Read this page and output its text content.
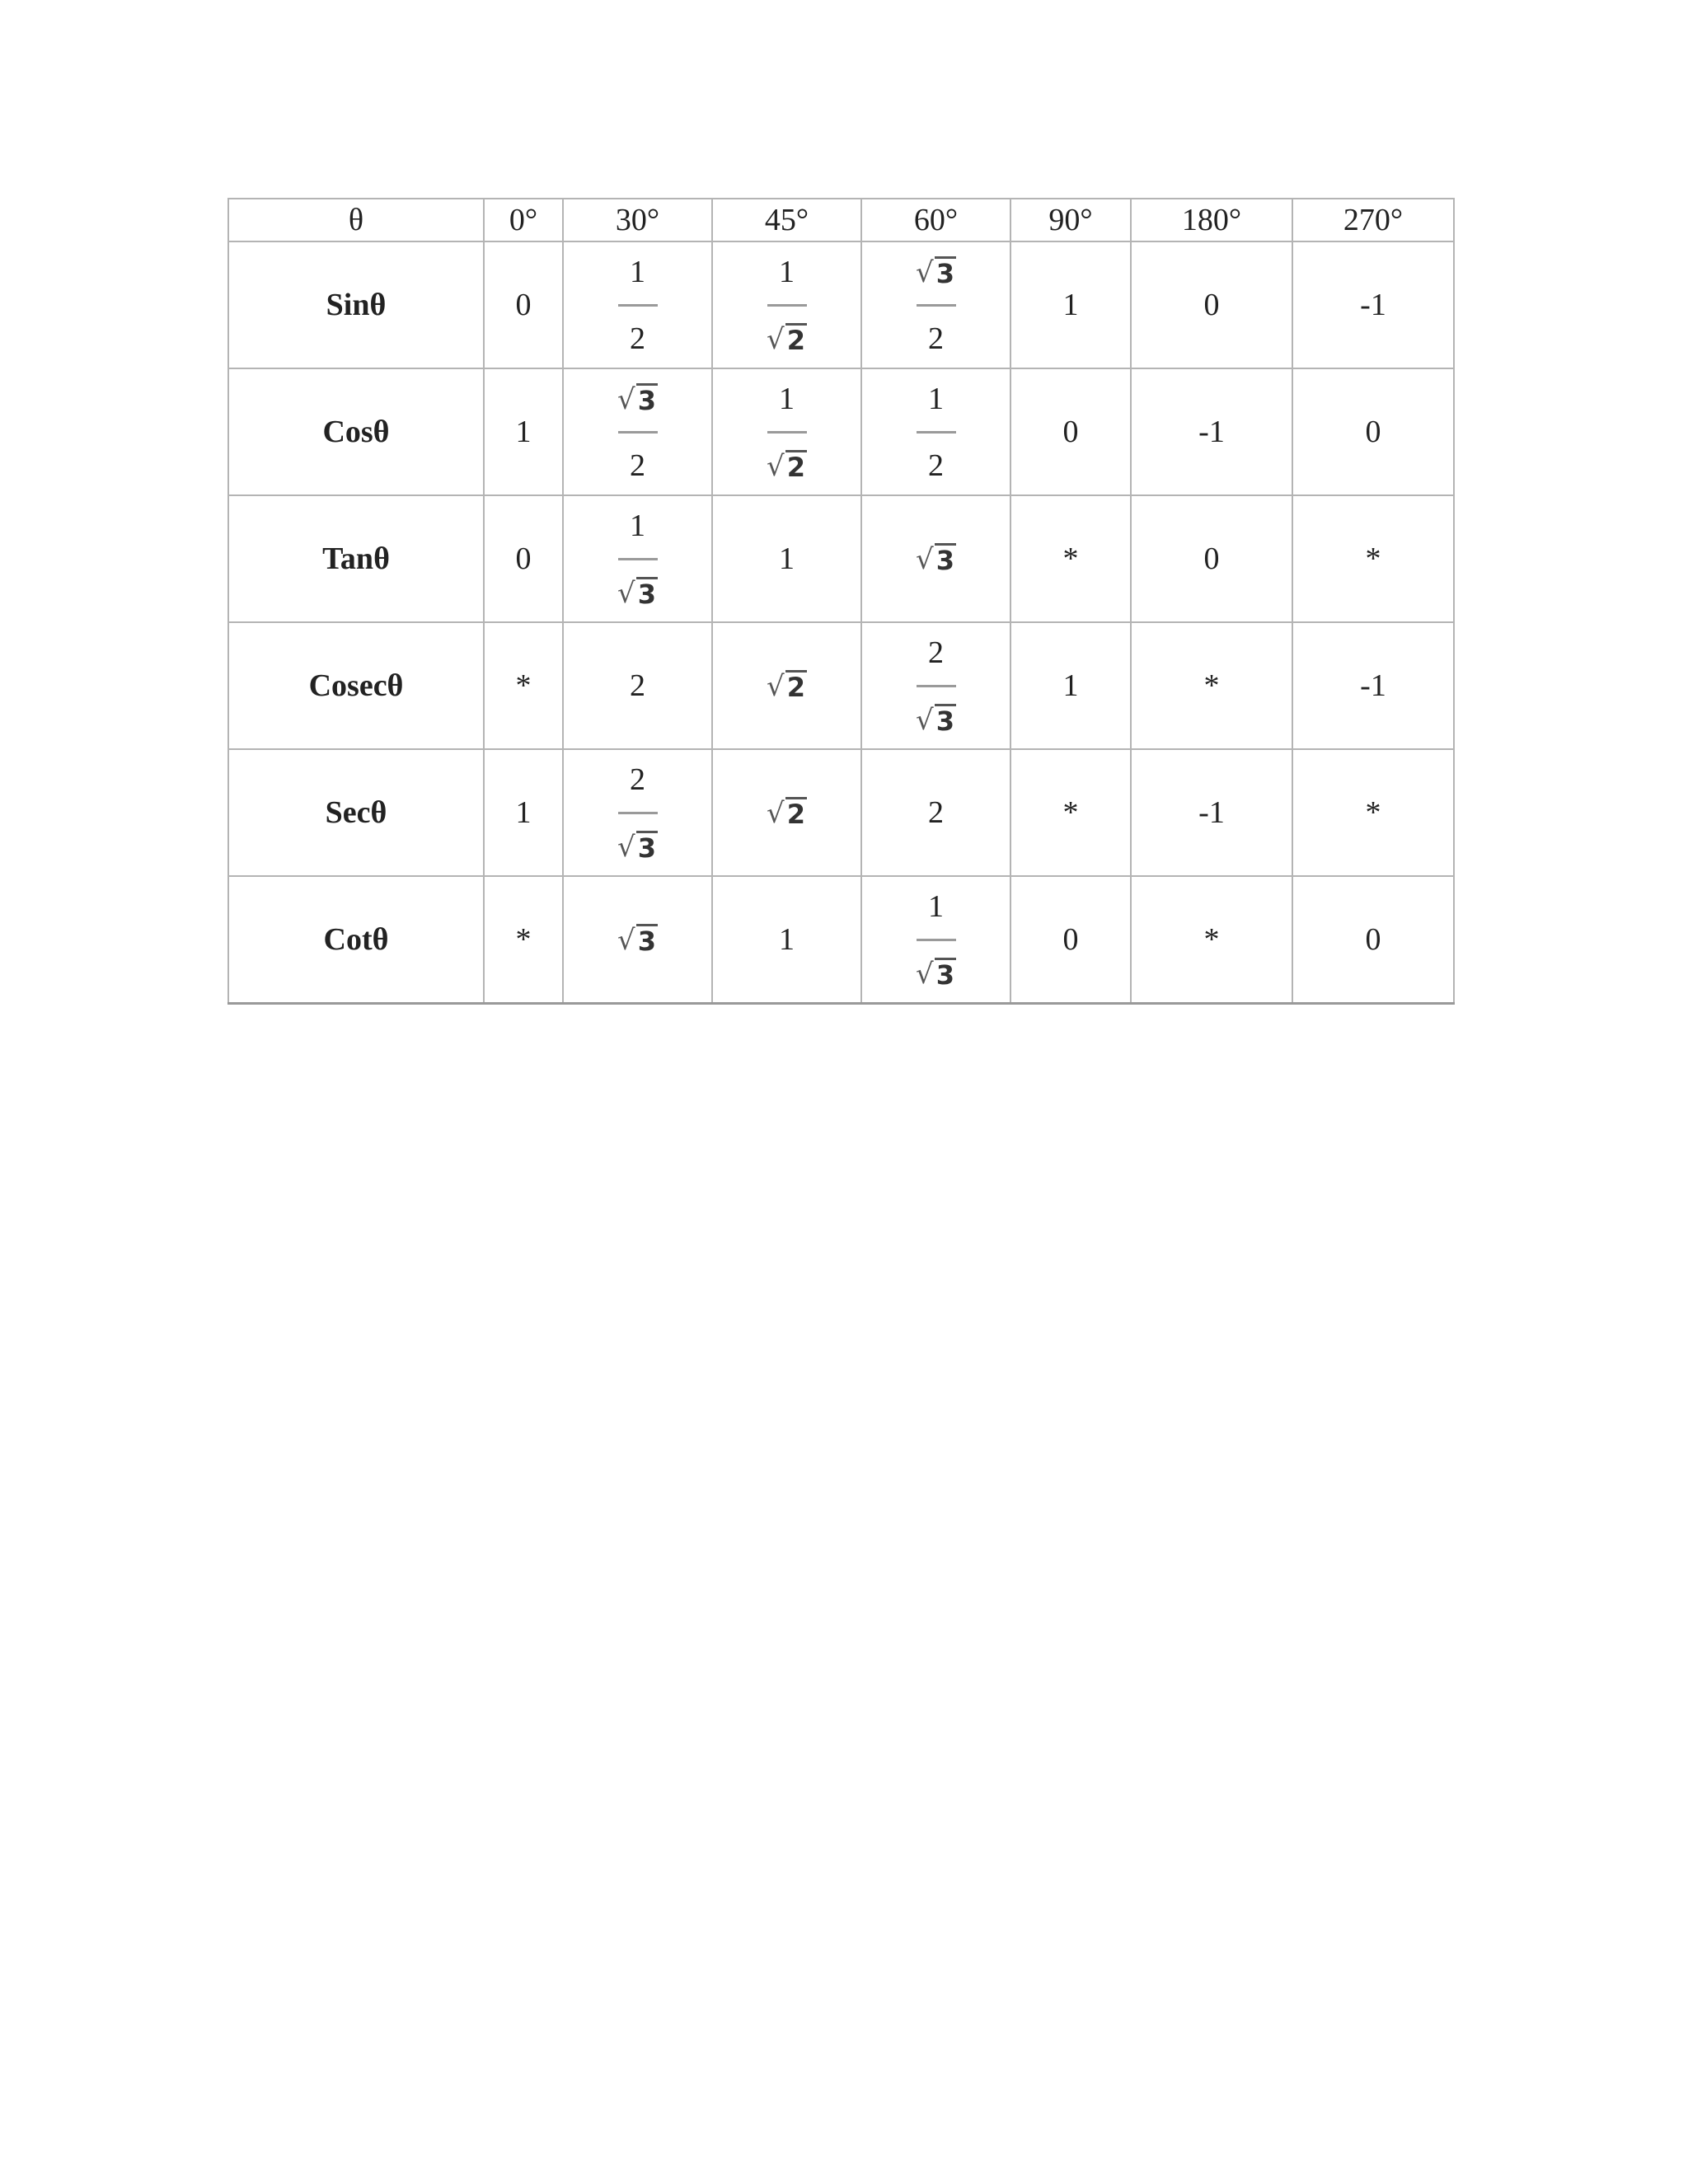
θ	0°	30°	45°	60°	90°	180°	270°
Sinθ	0	$\frac{1}{2}$	$\frac{1}{√ 2}$	$\frac{√ 3}{2}$	1	0	-1
Cosθ	1	$\frac{√ 3}{2}$	$\frac{1}{√ 2}$	$\frac{1}{2}$	0	-1	0
Tanθ	0	$\frac{1}{√ 3}$	1	√ 3	*	0	*
Cosecθ	*	2	√ 2	$\frac{2}{√ 3}$	1	*	-1
Secθ	1	$\frac{2}{√ 3}$	√ 2	2	*	-1	*
Cotθ	*	√ 3	1	$\frac{1}{√ 3}$	0	*	0
